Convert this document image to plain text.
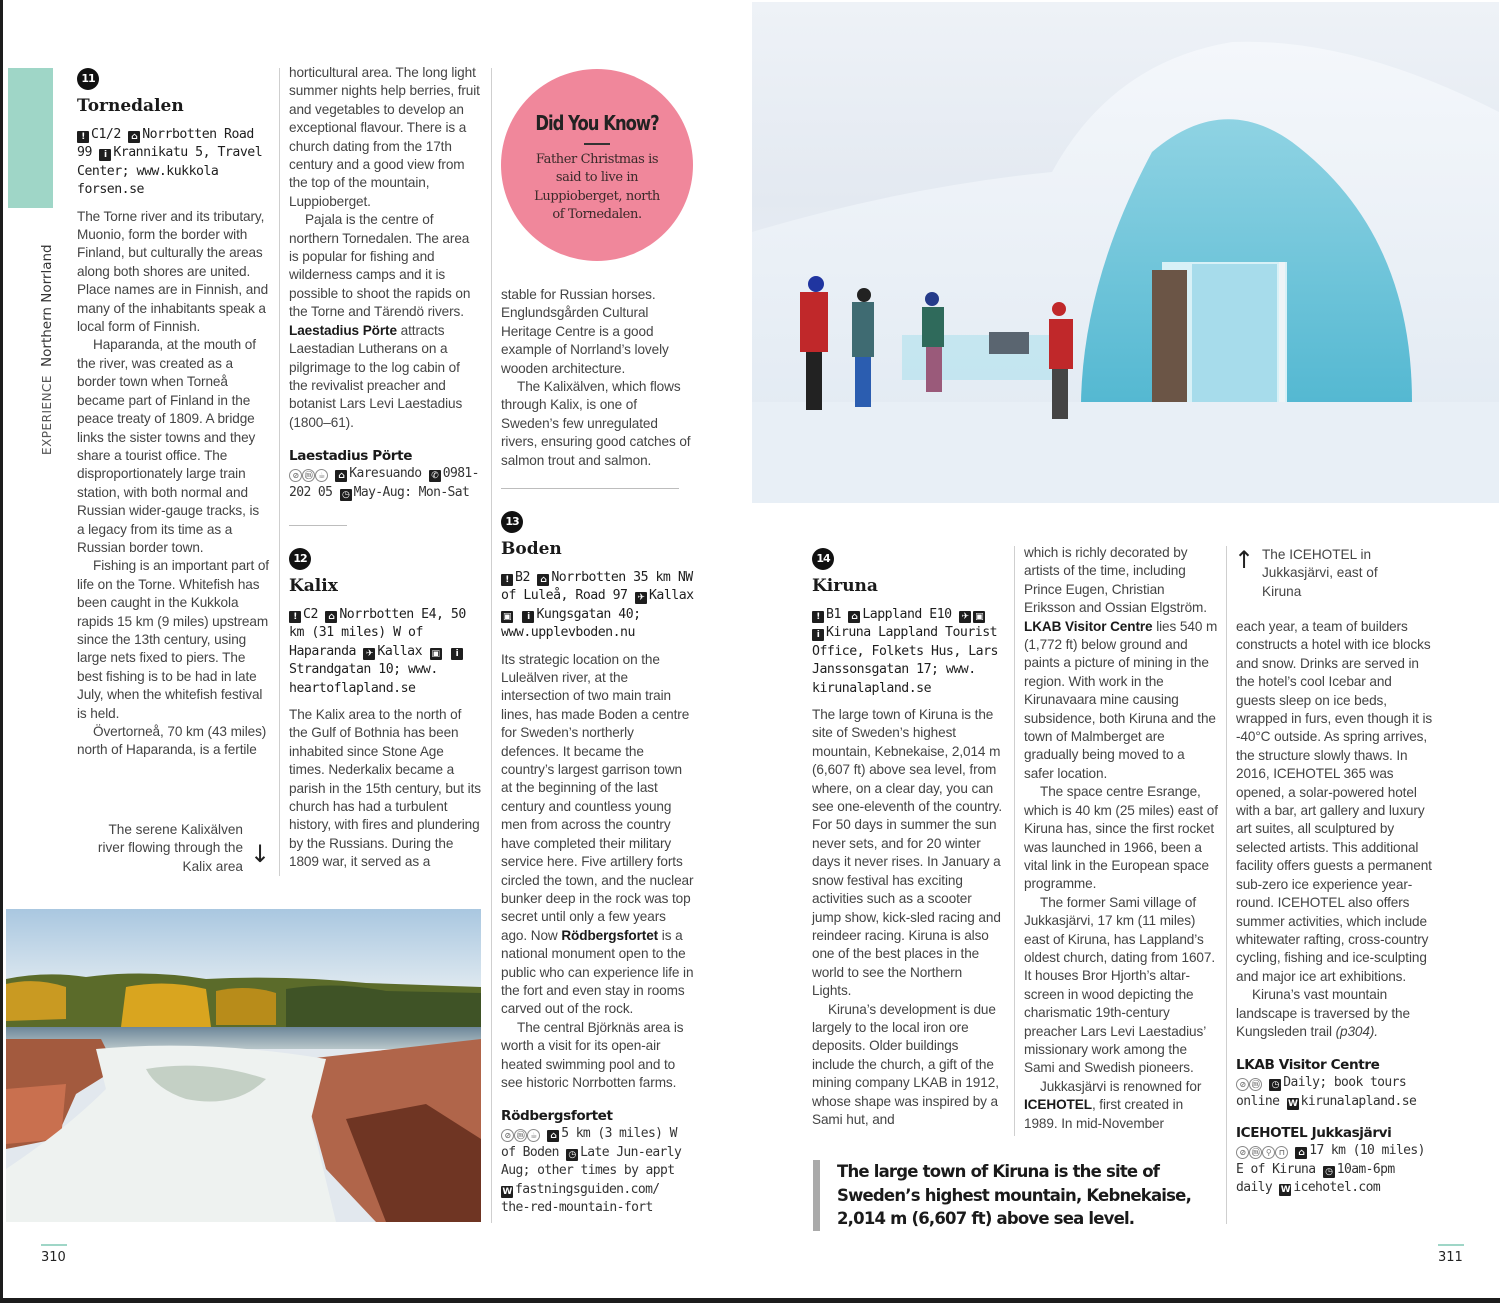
EXPERIENCENorthern Norrland
11
Tornedalen
! C1/2 ⌂ Norrbotten Road 99 i Krannikatu 5, Travel Center; www.kukkola forsen.se

The Torne river and its tributary, Muonio, form the border with Finland, but culturally the areas along both shores are united. Place names are in Finnish, and many of the inhabitants speak a local form of Finnish.

Haparanda, at the mouth of the river, was created as a border town when Torneå became part of Finland in the peace treaty of 1809. A bridge links the sister towns and they share a tourist office. The disproportionately large train station, with both normal and Russian wider-gauge tracks, is a legacy from its time as a Russian border town.

Fishing is an important part of life on the Torne. Whitefish has been caught in the Kukkola rapids 15 km (9 miles) upstream since the 13th century, using large nets fixed to piers. The best fishing is to be had in late July, when the whitefish festival is held.

Övertorneå, 70 km (43 miles) north of Haparanda, is a fertile

The serene Kalixälven river flowing through the Kalix area ↓

horticultural area. The long light summer nights help berries, fruit and vegetables to develop an exceptional flavour. There is a church dating from the 17th century and a good view from the top of the mountain, Luppioberget.

Pajala is the centre of northern Tornedalen. The area is popular for fishing and wilderness camps and it is possible to shoot the rapids on the Torne and Tärendö rivers. Laestadius Pörte attracts Laestadian Lutherans on a pilgrimage to the log cabin of the revivalist preacher and botanist Lars Levi Laestadius (1800–61).

Laestadius Pörte
⊘ ⓜ ☕ ⌂ Karesuando ✆ 0981-202 05 ◷ May-Aug: Mon-Sat
12
Kalix
! C2 ⌂ Norrbotten E4, 50 km (31 miles) W of Haparanda ✈ Kallax ▣ iStrandgatan 10; www. heartoflapland.se

The Kalix area to the north of the Gulf of Bothnia has been inhabited since Stone Age times. Nederkalix became a parish in the 15th century, but its church has had a turbulent history, with fires and plundering by the Russians. During the 1809 war, it served as a

Did You Know?
Father Christmas is said to live in Luppioberget, north of Tornedalen.

stable for Russian horses. Englundsgården Cultural Heritage Centre is a good example of Norrland’s lovely wooden architecture.

The Kalixälven, which flows through Kalix, is one of Sweden’s few unregulated rivers, ensuring good catches of salmon trout and salmon.

13
Boden
! B2 ⌂ Norrbotten 35 km NW of Luleå, Road 97 ✈ Kallax ▣ i Kungsgatan 40; www.upplevboden.nu

Its strategic location on the Luleälven river, at the intersection of two main train lines, has made Boden a centre for Sweden’s northerly defences. It became the country’s largest garrison town at the beginning of the last century and countless young men from across the country have completed their military service here. Five artillery forts circled the town, and the nuclear bunker deep in the rock was top secret until only a few years ago. Now Rödbergsfortet is a national monument open to the public who can experience life in the fort and even stay in rooms carved out of the rock.

The central Björknäs area is worth a visit for its open-air heated swimming pool and to see historic Norrbotten farms.

Rödbergsfortet
⊘ ⓜ ☕ ⌂ 5 km (3 miles) W of Boden ◷ Late Jun-early Aug; other times by appt W fastningsguiden.com/ the-red-mountain-fort
14
Kiruna
! B1 ⌂ Lappland E10 ✈ ▣ i Kiruna Lappland Tourist Office, Folkets Hus, Lars Janssonsgatan 17; www. kirunalapland.se

The large town of Kiruna is the site of Sweden’s highest mountain, Kebnekaise, 2,014 m (6,607 ft) above sea level, from where, on a clear day, you can see one-eleventh of the country. For 50 days in summer the sun never sets, and for 20 winter days it never rises. In January a snow festival has exciting activities such as a scooter jump show, kick-sled racing and reindeer racing. Kiruna is also one of the best places in the world to see the Northern Lights.

Kiruna’s development is due largely to the local iron ore deposits. Older buildings include the church, a gift of the mining company LKAB in 1912, whose shape was inspired by a Sami hut, and

which is richly decorated by artists of the time, including Prince Eugen, Christian Eriksson and Ossian Elgström. LKAB Visitor Centre lies 540 m (1,772 ft) below ground and paints a picture of mining in the region. With work in the Kirunavaara mine causing subsidence, both Kiruna and the town of Malmberget are gradually being moved to a safer location.

The space centre Esrange, which is 40 km (25 miles) east of Kiruna has, since the first rocket was launched in 1966, been a vital link in the European space programme.

The former Sami village of Jukkasjärvi, 17 km (11 miles) east of Kiruna, has Lappland’s oldest church, dating from 1607. It houses Bror Hjorth’s altar-screen in wood depicting the charismatic 19th-century preacher Lars Levi Laestadius’ missionary work among the Sami and Swedish pioneers.

Jukkasjärvi is renowned for ICEHOTEL, first created in 1989. In mid-November

↑ The ICEHOTEL in Jukkasjärvi, east of Kiruna

each year, a team of builders constructs a hotel with ice blocks and snow. Drinks are served in the hotel’s cool Icebar and guests sleep on ice beds, wrapped in furs, even though it is -40°C outside. As spring arrives, the structure slowly thaws. In 2016, ICEHOTEL 365 was opened, a solar-powered hotel with a bar, art gallery and luxury art suites, all sculptured by selected artists. This additional facility offers guests a permanent sub-zero ice experience year-round. ICEHOTEL also offers summer activities, which include whitewater rafting, cross-country cycling, fishing and ice-sculpting and major ice art exhibitions.

Kiruna’s vast mountain landscape is traversed by the Kungsleden trail (p304).

LKAB Visitor Centre
⊘ ⓜ ◷ Daily; book tours online W kirunalapland.se
ICEHOTEL Jukkasjärvi
⊘ ⓜ ⚲ ⊓ ⌂ 17 km (10 miles) E of Kiruna ◷ 10am-6pm daily W icehotel.com
The large town of Kiruna is the site of Sweden’s highest mountain, Kebnekaise, 2,014 m (6,607 ft) above sea level.
310	311
